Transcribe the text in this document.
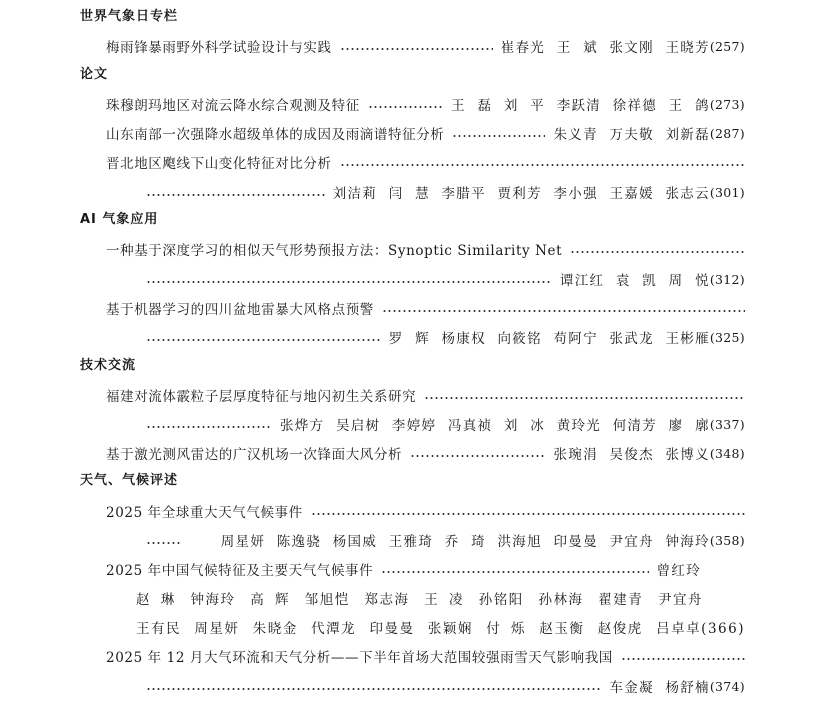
世界气象日专栏
梅雨锋暴雨野外科学试验设计与实践	崔春光 王 斌 张文刚 王晓芳 (257)
论文
珠穆朗玛地区对流云降水综合观测及特征	王 磊 刘 平 李跃清 徐祥德 王 鸽 (273)
山东南部一次强降水超级单体的成因及雨滴谱特征分析	朱义青 万夫敬 刘新磊 (287)
晋北地区飑线下山变化特征对比分析
刘洁莉 闫 慧 李腊平 贾利芳 李小强 王嘉媛 张志云 (301)
AI 气象应用
一种基于深度学习的相似天气形势预报方法：Synoptic Similarity Net
谭江红 袁 凯 周 悦 (312)
基于机器学习的四川盆地雷暴大风格点预警
罗 辉 杨康权 向筱铭 苟阿宁 张武龙 王彬雁 (325)
技术交流
福建对流体霰粒子层厚度特征与地闪初生关系研究
张烨方 吴启树 李婷婷 冯真祯 刘 冰 黄玲光 何清芳 廖 廓 (337)
基于激光测风雷达的广汉机场一次锋面大风分析	张琬涓 吴俊杰 张博义 (348)
天气、气候评述
2025 年全球重大天气气候事件
周星妍 陈逸骁 杨国威 王雅琦 乔 琦 洪海旭 印曼曼 尹宜舟 钟海玲 (358)
2025 年中国气候特征及主要天气气候事件	曾红玲
赵 琳 钟海玲 高 辉 邹旭恺 郑志海 王 凌 孙铭阳 孙林海 翟建青 尹宜舟
王有民 周星妍 朱晓金 代潭龙 印曼曼 张颖娴 付 烁 赵玉衡 赵俊虎 吕卓卓(366)
2025 年 12 月大气环流和天气分析——下半年首场大范围较强雨雪天气影响我国
车金凝 杨舒楠 (374)
